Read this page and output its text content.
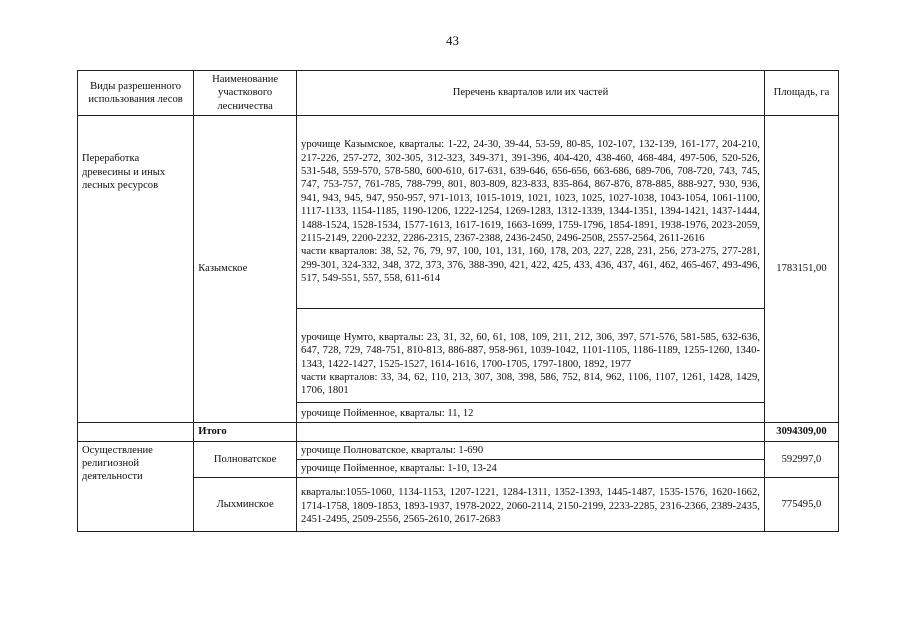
43
Виды разрешенного использования лесов	Наименование участкового лесничества	Перечень кварталов или их частей	Площадь, га
Переработка древесины и иных лесных ресурсов	Казымское	урочище Казымское, кварталы: 1-22, 24-30, 39-44, 53-59, 80-85, 102-107, 132-139, 161-177, 204-210, 217-226, 257-272, 302-305, 312-323, 349-371, 391-396, 404-420, 438-460, 468-484, 497-506, 520-526, 531-548, 559-570, 578-580, 600-610, 617-631, 639-646, 656-656, 663-686, 689-706, 708-720, 743, 745, 747, 753-757, 761-785, 788-799, 801, 803-809, 823-833, 835-864, 867-876, 878-885, 888-927, 930, 936, 941, 943, 945, 947, 950-957, 971-1013, 1015-1019, 1021, 1023, 1025, 1027-1038, 1043-1054, 1061-1100, 1117-1133, 1154-1185, 1190-1206, 1222-1254, 1269-1283, 1312-1339, 1344-1351, 1394-1421, 1437-1444, 1488-1524, 1528-1534, 1577-1613, 1617-1619, 1663-1699, 1759-1796, 1854-1891, 1938-1976, 2023-2059, 2115-2149, 2200-2232, 2286-2315, 2367-2388, 2436-2450, 2496-2508, 2557-2564, 2611-2616

части кварталов: 38, 52, 76, 79, 97, 100, 101, 131, 160, 178, 203, 227, 228, 231, 256, 273-275, 277-281, 299-301, 324-332, 348, 372, 373, 376, 388-390, 421, 422, 425, 433, 436, 437, 461, 462, 465-467, 493-496, 517, 549-551, 557, 558, 611-614	1783151,00

		урочище Нумто, кварталы: 23, 31, 32, 60, 61, 108, 109, 211, 212, 306, 397, 571-576, 581-585, 632-636, 647, 728, 729, 748-751, 810-813, 886-887, 958-961, 1039-1042, 1101-1105, 1186-1189, 1255-1260, 1340-1343, 1422-1427, 1525-1527, 1614-1616, 1700-1705, 1797-1800, 1892, 1977

части кварталов: 33, 34, 62, 110, 213, 307, 308, 398, 586, 752, 814, 962, 1106, 1107, 1261, 1428, 1429, 1706, 1801	

		урочище Пойменное, кварталы: 11, 12	
	Итого		3094309,00
Осуществление религиозной деятельности	Полноватское	урочище Полноватское, кварталы: 1-690	592997,0
		урочище Пойменное, кварталы: 1-10, 13-24	
	Лыхминское	кварталы:1055-1060, 1134-1153, 1207-1221, 1284-1311, 1352-1393, 1445-1487, 1535-1576, 1620-1662, 1714-1758, 1809-1853, 1893-1937, 1978-2022, 2060-2114, 2150-2199, 2233-2285, 2316-2366, 2389-2435, 2451-2495, 2509-2556, 2565-2610, 2617-2683	775495,0
